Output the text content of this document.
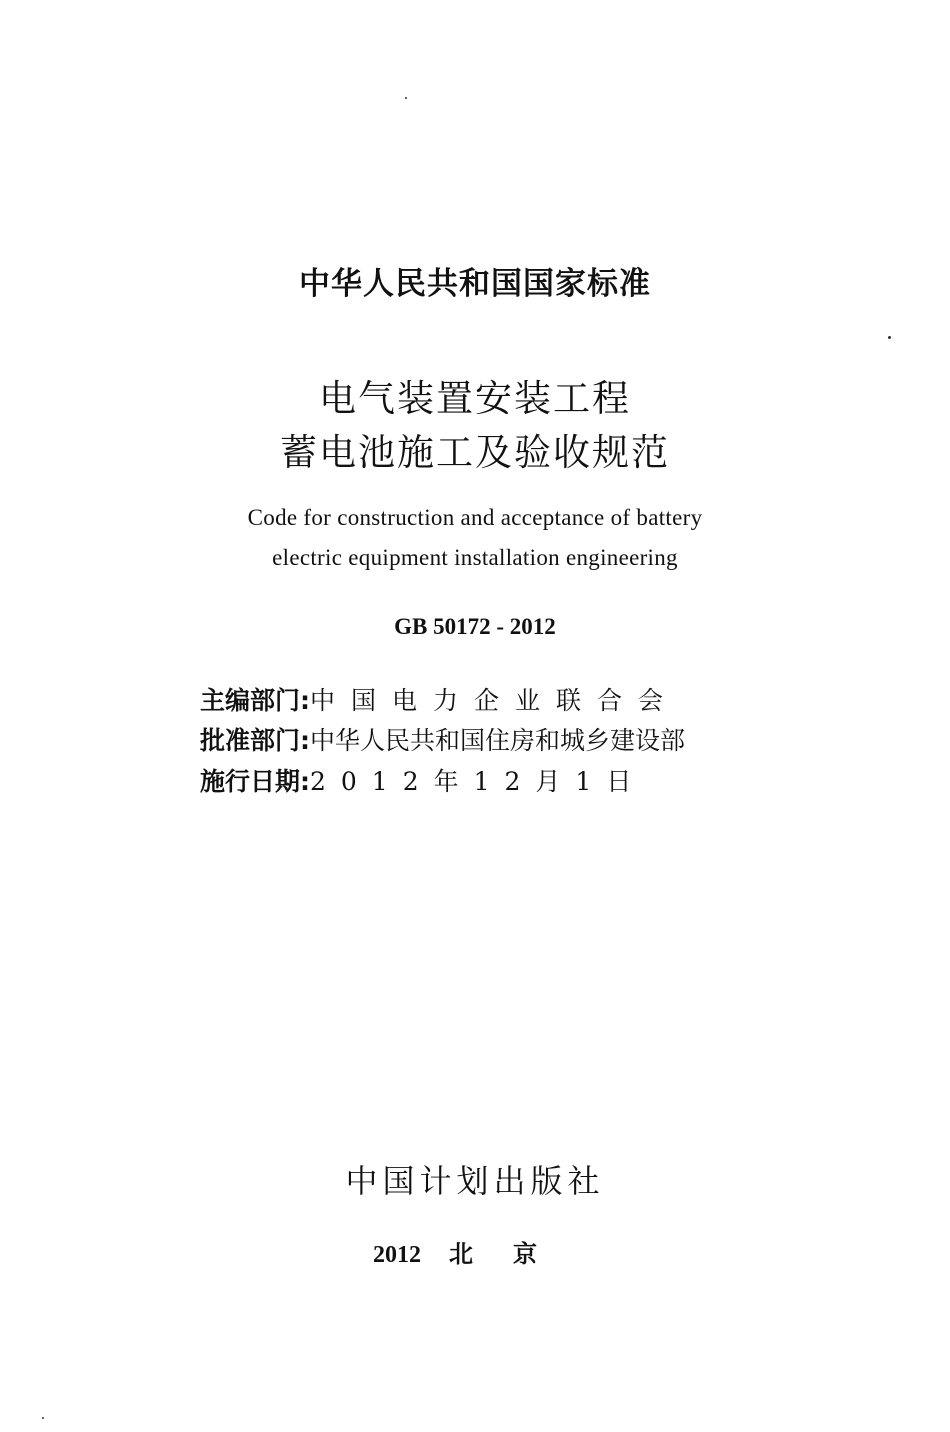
中华人民共和国国家标准
电气装置安装工程
蓄电池施工及验收规范
Code for construction and acceptance of battery
electric equipment installation engineering
GB 50172 - 2012
主编部门:中国电力企业联合会
批准部门:中华人民共和国住房和城乡建设部
施行日期:2012年12月1日
中国计划出版社
2012 北京
